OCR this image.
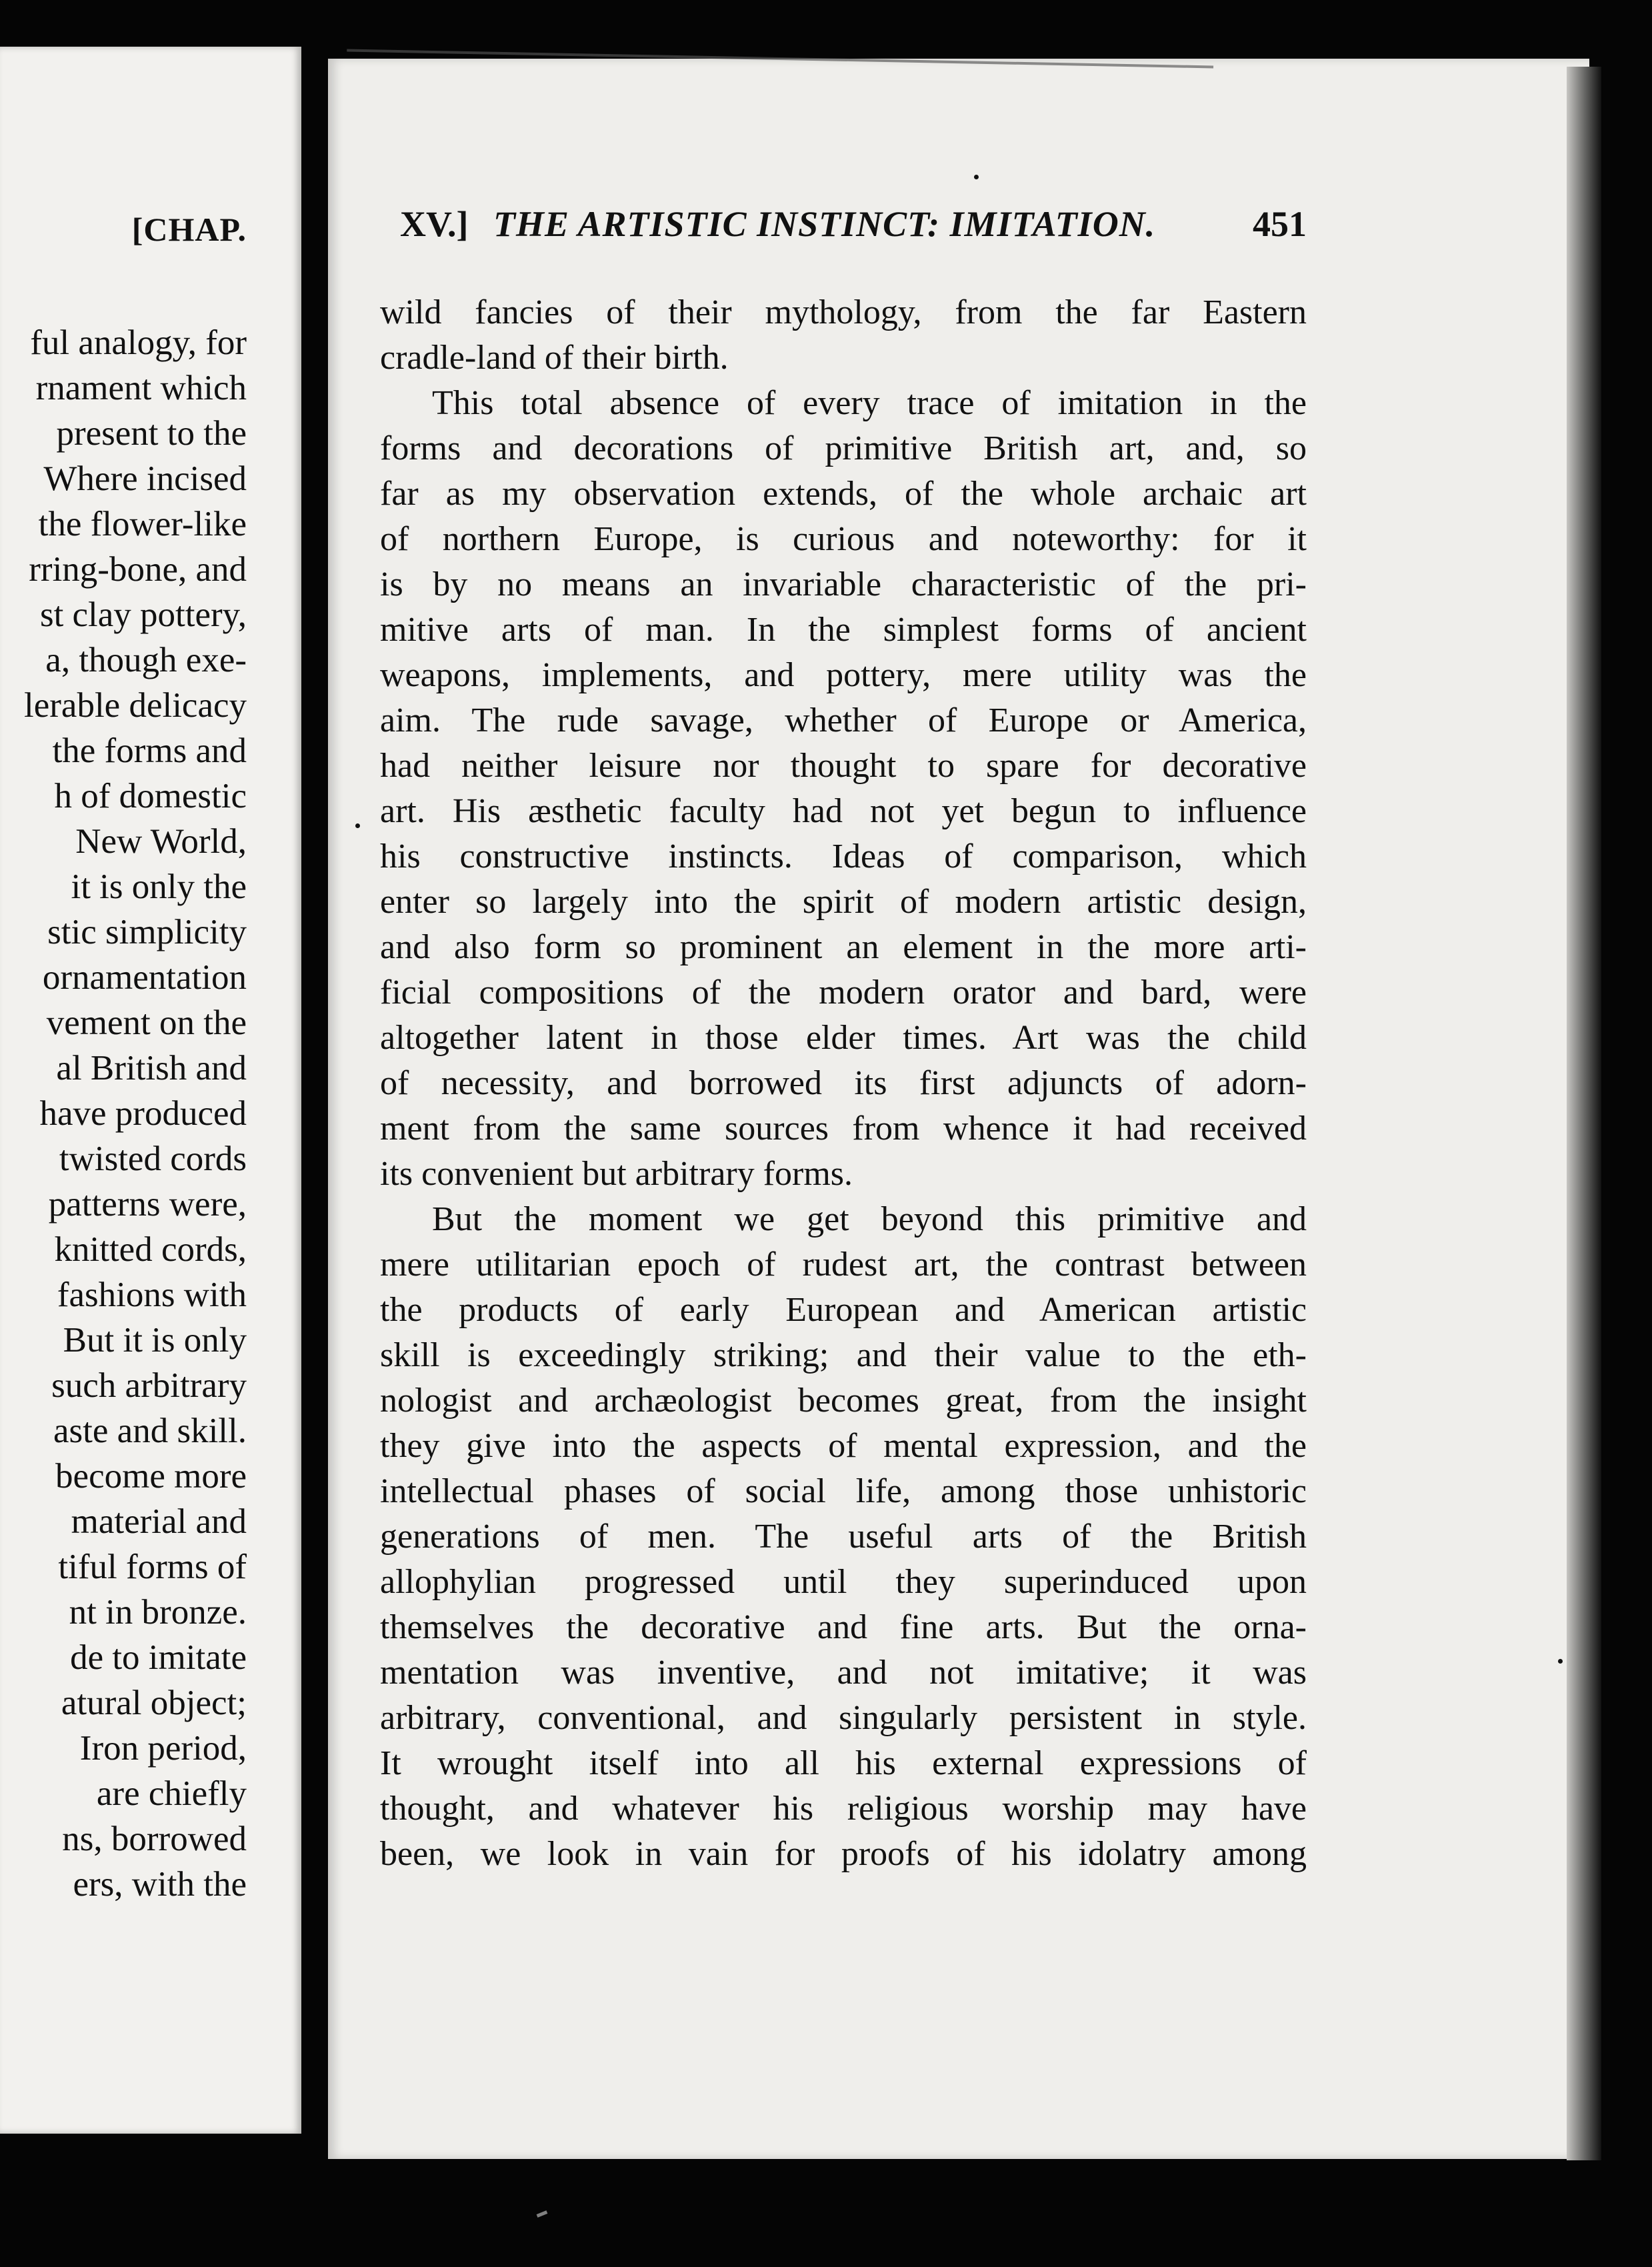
[CHAP.
ful analogy, for
rnament which
present to the
Where incised
the flower-like
rring-bone, and
st clay pottery,
a, though exe-
lerable delicacy
the forms and
h of domestic
New World,
it is only the
stic simplicity
ornamentation
vement on the
al British and
have produced
twisted cords
patterns were,
knitted cords,
fashions with
But it is only
such arbitrary
aste and skill.
become more
material and
tiful forms of
nt in bronze.
de to imitate
atural object;
Iron period,
are chiefly
ns, borrowed
ers, with the
XV.] THE ARTISTIC INSTINCT: IMITATION.	451
wild fancies of their mythology, from the far Eastern
cradle-land of their birth.
This total absence of every trace of imitation in the
forms and decorations of primitive British art, and, so
far as my observation extends, of the whole archaic art
of northern Europe, is curious and noteworthy: for it
is by no means an invariable characteristic of the pri-
mitive arts of man. In the simplest forms of ancient
weapons, implements, and pottery, mere utility was the
aim. The rude savage, whether of Europe or America,
had neither leisure nor thought to spare for decorative
art. His æsthetic faculty had not yet begun to influence
his constructive instincts. Ideas of comparison, which
enter so largely into the spirit of modern artistic design,
and also form so prominent an element in the more arti-
ficial compositions of the modern orator and bard, were
altogether latent in those elder times. Art was the child
of necessity, and borrowed its first adjuncts of adorn-
ment from the same sources from whence it had received
its convenient but arbitrary forms.
But the moment we get beyond this primitive and
mere utilitarian epoch of rudest art, the contrast between
the products of early European and American artistic
skill is exceedingly striking; and their value to the eth-
nologist and archæologist becomes great, from the insight
they give into the aspects of mental expression, and the
intellectual phases of social life, among those unhistoric
generations of men. The useful arts of the British
allophylian progressed until they superinduced upon
themselves the decorative and fine arts. But the orna-
mentation was inventive, and not imitative; it was
arbitrary, conventional, and singularly persistent in style.
It wrought itself into all his external expressions of
thought, and whatever his religious worship may have
been, we look in vain for proofs of his idolatry among
